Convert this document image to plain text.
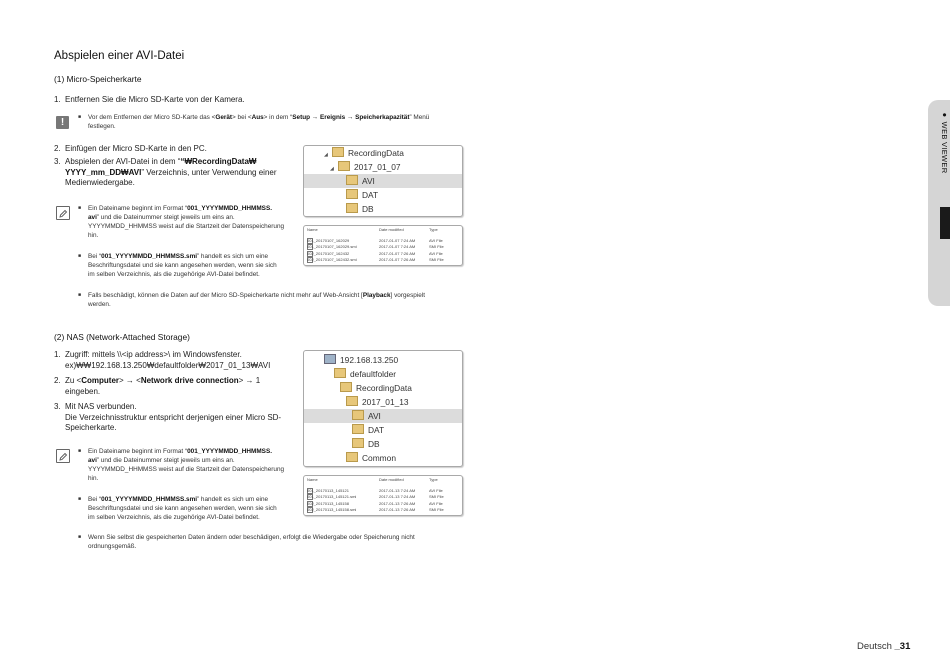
Abspielen einer AVI-Datei
● WEB VIEWER
(1) Micro-Speicherkarte
1. Entfernen Sie die Micro SD-Karte von der Kamera.
!	■ Vor dem Entfernen der Micro SD-Karte das <Gerät> bei <Aus> in dem “Setup → Ereignis → Speicherkapazität” Menü
festlegen.
2. Einfügen der Micro SD-Karte in den PC.
3. Abspielen der AVI-Datei in dem ““₩RecordingData₩
YYYY_mm_DD₩AVI” Verzeichnis, unter Verwendung einer
Medienwiedergabe.
■ Ein Dateiname beginnt im Format “001_YYYYMMDD_HHMMSS.
avi” und die Dateinummer steigt jeweils um eins an.
YYYYMMDD_HHMMSS weist auf die Startzeit der Datenspeicherung
hin.
■ Bei “001_YYYYMMDD_HHMMSS.smi” handelt es sich um eine
Beschriftungsdatei und sie kann angesehen werden, wenn sie sich
im selben Verzeichnis, als die zugehörige AVI-Datei befindet.
■ Falls beschädigt, können die Daten auf der Micro SD-Speicherkarte nicht mehr auf Web-Ansicht [Playback] vorgespielt
werden.
◢ RecordingData
◢ 2017_01_07
AVI
DAT
DB
Name	Date modified	Type
001_20170107_162029	2017-01-07 7:24 AM	AVI File
001_20170107_162029.smi	2017-01-07 7:24 AM	SMI File
002_20170107_162432	2017-01-07 7:26 AM	AVI File
002_20170107_162432.smi	2017-01-07 7:26 AM	SMI File
(2) NAS (Network-Attached Storage)
1. Zugriff: mittels \\<ip address>\ im Windowsfenster.
ex)₩₩192.168.13.250₩defaultfolder₩2017_01_13₩AVI
2. Zu <Computer> → <Network drive connection> → 1
eingeben.
3. Mit NAS verbunden.
Die Verzeichnisstruktur entspricht derjenigen einer Micro SD-
Speicherkarte.
■ Ein Dateiname beginnt im Format “001_YYYYMMDD_HHMMSS.
avi” und die Dateinummer steigt jeweils um eins an.
YYYYMMDD_HHMMSS weist auf die Startzeit der Datenspeicherung
hin.
■ Bei “001_YYYYMMDD_HHMMSS.smi” handelt es sich um eine
Beschriftungsdatei und sie kann angesehen werden, wenn sie sich
im selben Verzeichnis, als die zugehörige AVI-Datei befindet.
■ Wenn Sie selbst die gespeicherten Daten ändern oder beschädigen, erfolgt die Wiedergabe oder Speicherung nicht
ordnungsgemäß.
192.168.13.250
defaultfolder
RecordingData
2017_01_13
AVI
DAT
DB
Common
Name	Date modified	Type
001_20170113_145121	2017-01-13 7:24 AM	AVI File
001_20170113_145121.smi	2017-01-13 7:24 AM	SMI File
002_20170113_145158	2017-01-13 7:26 AM	AVI File
002_20170113_145158.smi	2017-01-13 7:26 AM	SMI File
Deutsch _31
